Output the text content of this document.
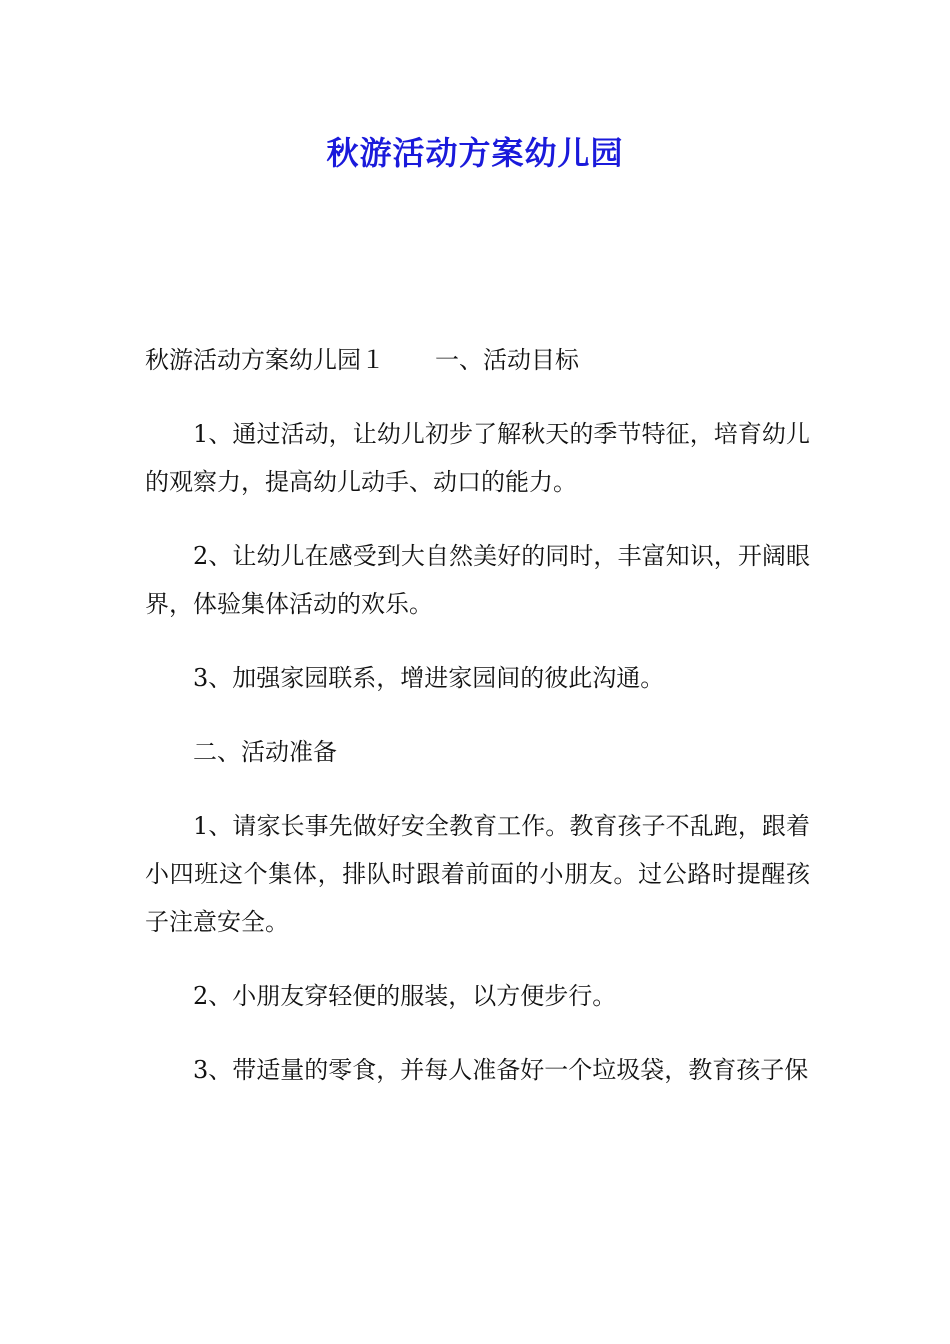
秋游活动方案幼儿园

秋游活动方案幼儿园１ 一、活动目标

1、通过活动，让幼儿初步了解秋天的季节特征，培育幼儿的观察力，提高幼儿动手、动口的能力。

2、让幼儿在感受到大自然美好的同时，丰富知识，开阔眼界，体验集体活动的欢乐。

3、加强家园联系，增进家园间的彼此沟通。

二、活动准备

1、请家长事先做好安全教育工作。教育孩子不乱跑，跟着小四班这个集体，排队时跟着前面的小朋友。过公路时提醒孩子注意安全。

2、小朋友穿轻便的服装，以方便步行。

3、带适量的零食，并每人准备好一个垃圾袋，教育孩子保
